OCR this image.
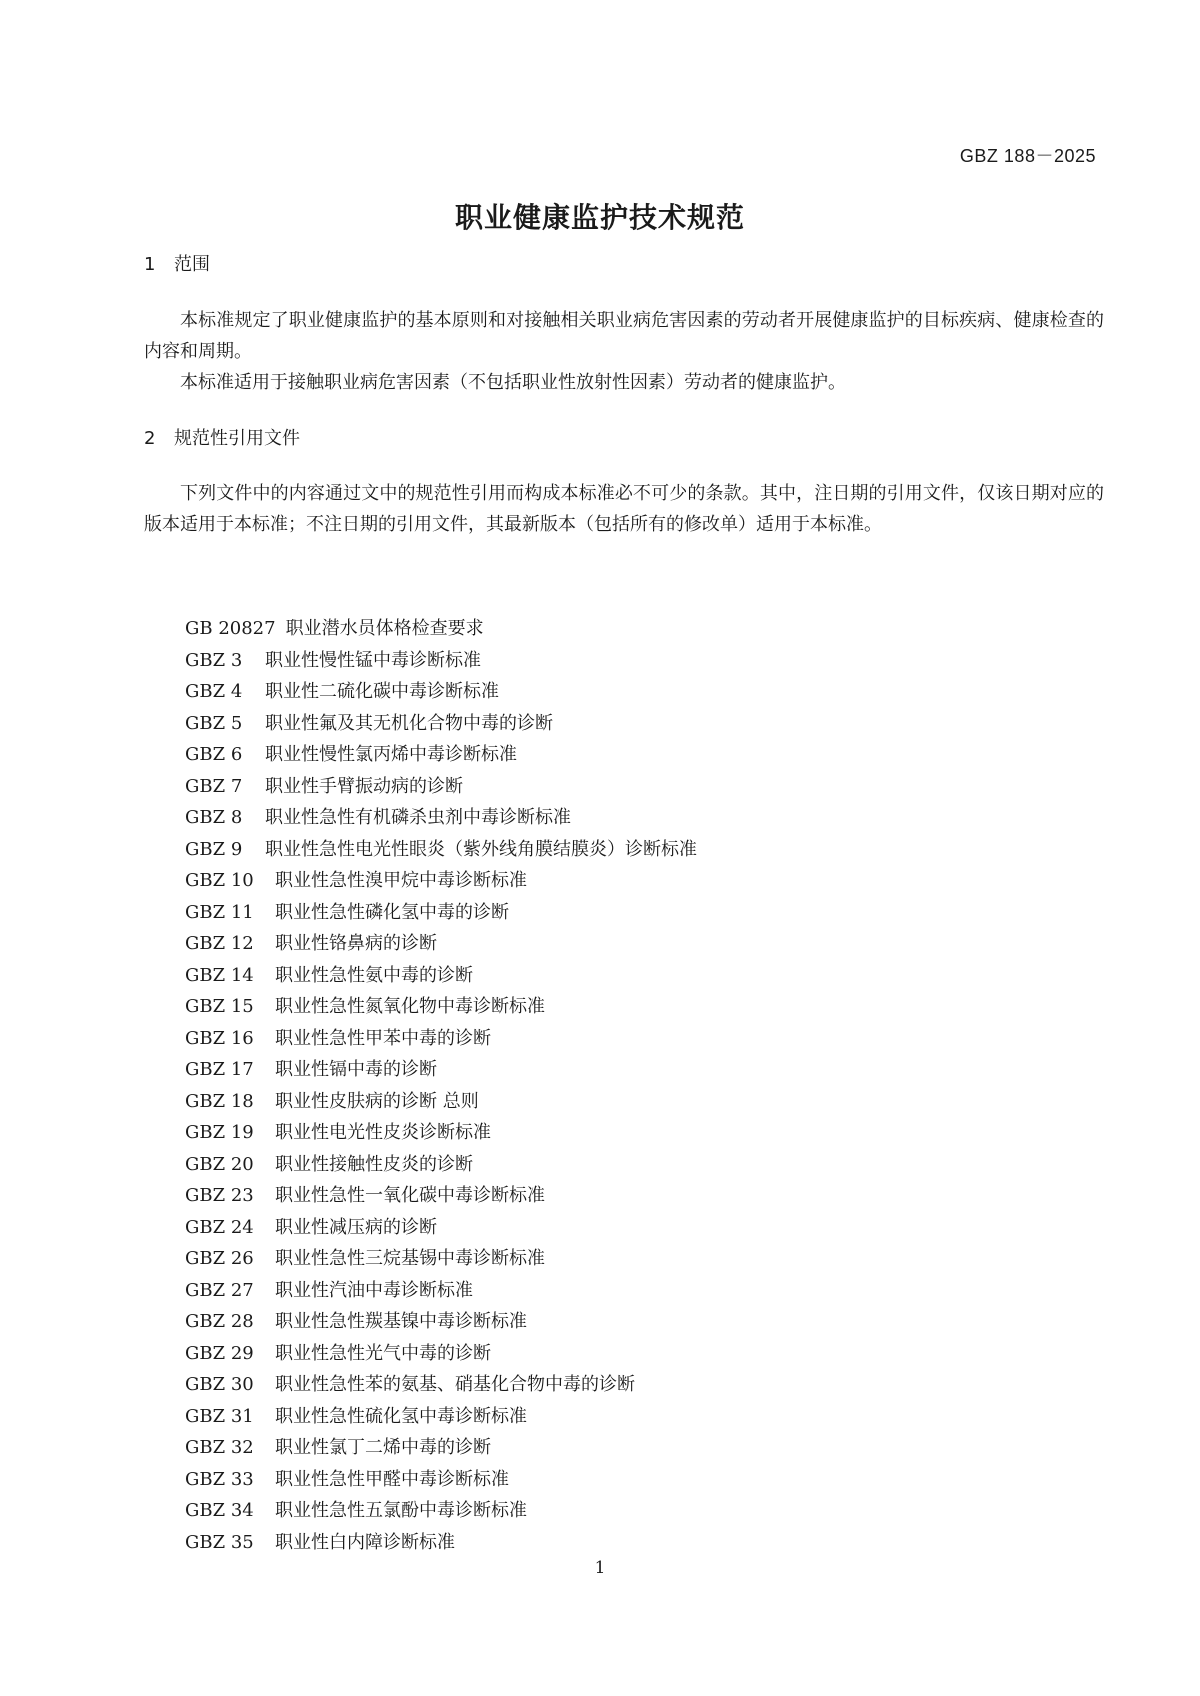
GBZ 188－2025
职业健康监护技术规范
1 范围

本标准规定了职业健康监护的基本原则和对接触相关职业病危害因素的劳动者开展健康监护的目标疾病、健康检查的内容和周期。

本标准适用于接触职业病危害因素（不包括职业性放射性因素）劳动者的健康监护。

2 规范性引用文件

下列文件中的内容通过文中的规范性引用而构成本标准必不可少的条款。其中，注日期的引用文件，仅该日期对应的版本适用于本标准；不注日期的引用文件，其最新版本（包括所有的修改单）适用于本标准。

GB 20827 职业潜水员体格检查要求
GBZ 3 职业性慢性锰中毒诊断标准
GBZ 4 职业性二硫化碳中毒诊断标准
GBZ 5 职业性氟及其无机化合物中毒的诊断
GBZ 6 职业性慢性氯丙烯中毒诊断标准
GBZ 7 职业性手臂振动病的诊断
GBZ 8 职业性急性有机磷杀虫剂中毒诊断标准
GBZ 9 职业性急性电光性眼炎（紫外线角膜结膜炎）诊断标准
GBZ 10 职业性急性溴甲烷中毒诊断标准
GBZ 11 职业性急性磷化氢中毒的诊断
GBZ 12 职业性铬鼻病的诊断
GBZ 14 职业性急性氨中毒的诊断
GBZ 15 职业性急性氮氧化物中毒诊断标准
GBZ 16 职业性急性甲苯中毒的诊断
GBZ 17 职业性镉中毒的诊断
GBZ 18 职业性皮肤病的诊断 总则
GBZ 19 职业性电光性皮炎诊断标准
GBZ 20 职业性接触性皮炎的诊断
GBZ 23 职业性急性一氧化碳中毒诊断标准
GBZ 24 职业性减压病的诊断
GBZ 26 职业性急性三烷基锡中毒诊断标准
GBZ 27 职业性汽油中毒诊断标准
GBZ 28 职业性急性羰基镍中毒诊断标准
GBZ 29 职业性急性光气中毒的诊断
GBZ 30 职业性急性苯的氨基、硝基化合物中毒的诊断
GBZ 31 职业性急性硫化氢中毒诊断标准
GBZ 32 职业性氯丁二烯中毒的诊断
GBZ 33 职业性急性甲醛中毒诊断标准
GBZ 34 职业性急性五氯酚中毒诊断标准
GBZ 35 职业性白内障诊断标准
1
